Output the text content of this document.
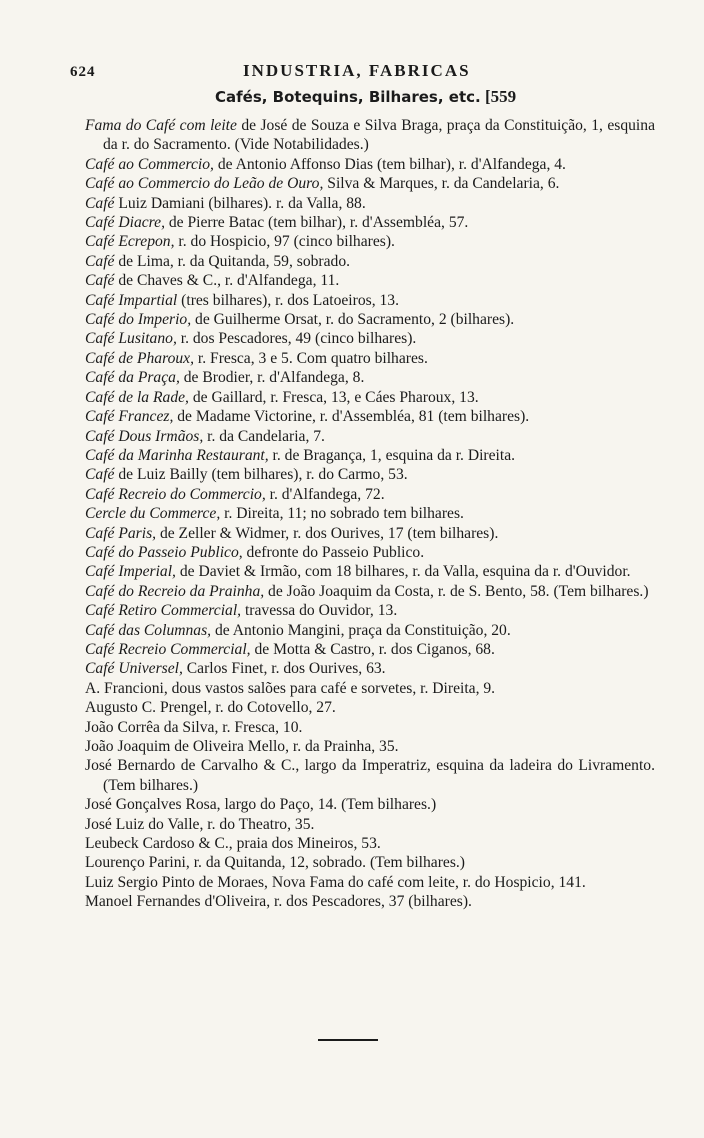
624	INDUSTRIA, FABRICAS
Cafés, Botequins, Bilhares, etc. [559

Fama do Café com leite de José de Souza e Silva Braga, praça da Constituição, 1, esquina da r. do Sacramento. (Vide Notabilidades.)

Café ao Commercio, de Antonio Affonso Dias (tem bilhar), r. d'Alfandega, 4.

Café ao Commercio do Leão de Ouro, Silva & Marques, r. da Candelaria, 6.

Café Luiz Damiani (bilhares). r. da Valla, 88.

Café Diacre, de Pierre Batac (tem bilhar), r. d'Assembléa, 57.

Café Ecrepon, r. do Hospicio, 97 (cinco bilhares).

Café de Lima, r. da Quitanda, 59, sobrado.

Café de Chaves & C., r. d'Alfandega, 11.

Café Impartial (tres bilhares), r. dos Latoeiros, 13.

Café do Imperio, de Guilherme Orsat, r. do Sacramento, 2 (bilhares).

Café Lusitano, r. dos Pescadores, 49 (cinco bilhares).

Café de Pharoux, r. Fresca, 3 e 5. Com quatro bilhares.

Café da Praça, de Brodier, r. d'Alfandega, 8.

Café de la Rade, de Gaillard, r. Fresca, 13, e Cáes Pharoux, 13.

Café Francez, de Madame Victorine, r. d'Assembléa, 81 (tem bilhares).

Café Dous Irmãos, r. da Candelaria, 7.

Café da Marinha Restaurant, r. de Bragança, 1, esquina da r. Direita.

Café de Luiz Bailly (tem bilhares), r. do Carmo, 53.

Café Recreio do Commercio, r. d'Alfandega, 72.

Cercle du Commerce, r. Direita, 11; no sobrado tem bilhares.

Café Paris, de Zeller & Widmer, r. dos Ourives, 17 (tem bilhares).

Café do Passeio Publico, defronte do Passeio Publico.

Café Imperial, de Daviet & Irmão, com 18 bilhares, r. da Valla, esquina da r. d'Ouvidor.

Café do Recreio da Prainha, de João Joaquim da Costa, r. de S. Bento, 58. (Tem bilhares.)

Café Retiro Commercial, travessa do Ouvidor, 13.

Café das Columnas, de Antonio Mangini, praça da Constituição, 20.

Café Recreio Commercial, de Motta & Castro, r. dos Ciganos, 68.

Café Universel, Carlos Finet, r. dos Ourives, 63.

A. Francioni, dous vastos salões para café e sorvetes, r. Direita, 9.

Augusto C. Prengel, r. do Cotovello, 27.

João Corrêa da Silva, r. Fresca, 10.

João Joaquim de Oliveira Mello, r. da Prainha, 35.

José Bernardo de Carvalho & C., largo da Imperatriz, esquina da ladeira do Livramento. (Tem bilhares.)

José Gonçalves Rosa, largo do Paço, 14. (Tem bilhares.)

José Luiz do Valle, r. do Theatro, 35.

Leubeck Cardoso & C., praia dos Mineiros, 53.

Lourenço Parini, r. da Quitanda, 12, sobrado. (Tem bilhares.)

Luiz Sergio Pinto de Moraes, Nova Fama do café com leite, r. do Hospicio, 141.

Manoel Fernandes d'Oliveira, r. dos Pescadores, 37 (bilhares).
